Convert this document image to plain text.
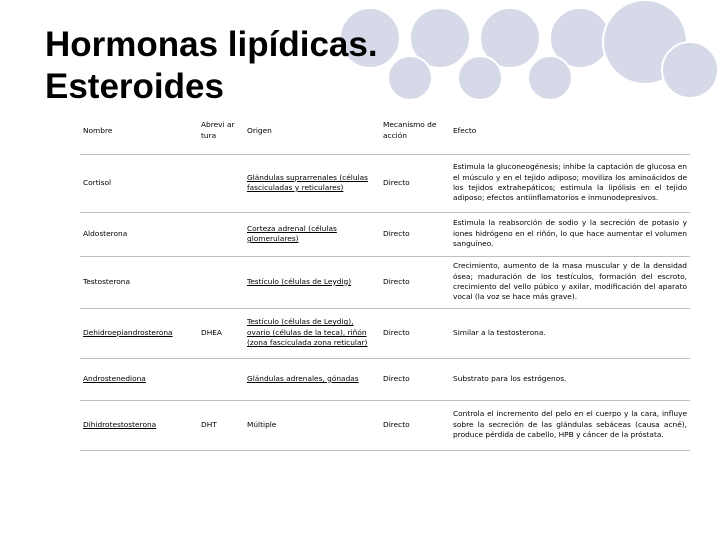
Hormonas lipídicas.
Esteroides
Nombre	Abrevi ar tura	Origen	Mecanismo de acción	Efecto
Cortisol		Glándulas suprarrenales (células fasciculadas y reticulares)	Directo	Estimula la gluconeogénesis; inhibe la captación de glucosa en el músculo y en el tejido adiposo; moviliza los aminoácidos de los tejidos extrahepáticos; estimula la lipólisis en el tejido adiposo; efectos antiinflamatorios e inmunodepresivos.
Aldosterona		Corteza adrenal (células glomerulares)	Directo	Estimula la reabsorción de sodio y la secreción de potasio y iones hidrógeno en el riñón, lo que hace aumentar el volumen sanguíneo.
Testosterona		Testículo (células de Leydig)	Directo	Crecimiento, aumento de la masa muscular y de la densidad ósea; maduración de los testículos, formación del escroto, crecimiento del vello púbico y axilar, modificación del aparato vocal (la voz se hace más grave).
Dehidroepiandrosterona	DHEA	Testículo (células de Leydig), ovario (células de la teca), riñón (zona fasciculada zona reticular)	Directo	Similar a la testosterona.
Androstenediona		Glándulas adrenales, gónadas	Directo	Substrato para los estrógenos.
Dihidrotestosterona	DHT	Múltiple	Directo	Controla el incremento del pelo en el cuerpo y la cara, influye sobre la secreción de las glándulas sebáceas (causa acné), produce pérdida de cabello, HPB y cáncer de la próstata.
